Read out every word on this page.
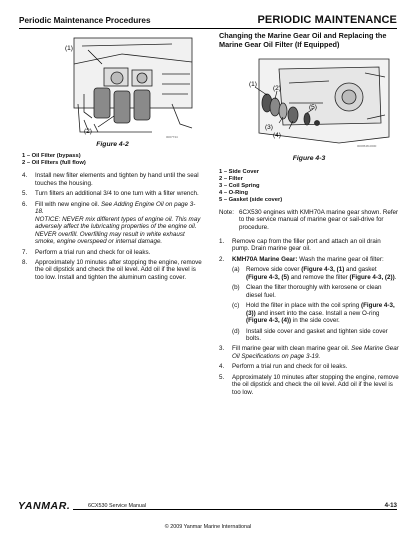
Periodic Maintenance Procedures	PERIODIC MAINTENANCE
(1)
(2)
0007734
Figure 4-2
1 – Oil Filter (bypass)
2 – Oil Filters (full flow)
4. Install new filter elements and tighten by hand until the seal touches the housing.
5. Turn filters an additional 3/4 to one turn with a filter wrench.
6. Fill with new engine oil. See Adding Engine Oil on page 3-18.
NOTICE: NEVER mix different types of engine oil. This may adversely affect the lubricating properties of the engine oil. NEVER overfill. Overfilling may result in white exhaust smoke, engine overspeed or internal damage.
7. Perform a trial run and check for oil leaks.
8. Approximately 10 minutes after stopping the engine, remove the oil dipstick and check the oil level. Add oil if the level is too low. Install and tighten the aluminum casting cover.
Changing the Marine Gear Oil and Replacing the Marine Gear Oil Filter (If Equipped)
(1)
(2)
(3)
(4)
(5)
0009548-0000
Figure 4-3
1 – Side Cover
2 – Filter
3 – Coil Spring
4 – O-Ring
5 – Gasket (side cover)
Note: 6CX530 engines with KMH70A marine gear shown. Refer to the service manual of marine gear or sail-drive for procedure.
1. Remove cap from the filler port and attach an oil drain pump. Drain marine gear oil.
2. KMH70A Marine Gear: Wash the marine gear oil filter:
(a) Remove side cover (Figure 4-3, (1) and gasket (Figure 4-3, (5) and remove the filter (Figure 4-3, (2)).
(b) Clean the filter thoroughly with kerosene or clean diesel fuel.
(c) Hold the filter in place with the coil spring (Figure 4-3, (3)) and insert into the case. Install a new O-ring (Figure 4-3, (4)) in the side cover.
(d) Install side cover and gasket and tighten side cover bolts.
3. Fill marine gear with clean marine gear oil. See Marine Gear Oil Specifications on page 3-19.
4. Perform a trial run and check for oil leaks.
5. Approximately 10 minutes after stopping the engine, remove the oil dipstick and check the oil level. Add oil if the level is too low.
YANMAR.	6CX530 Service Manual	4-13
© 2009 Yanmar Marine International
